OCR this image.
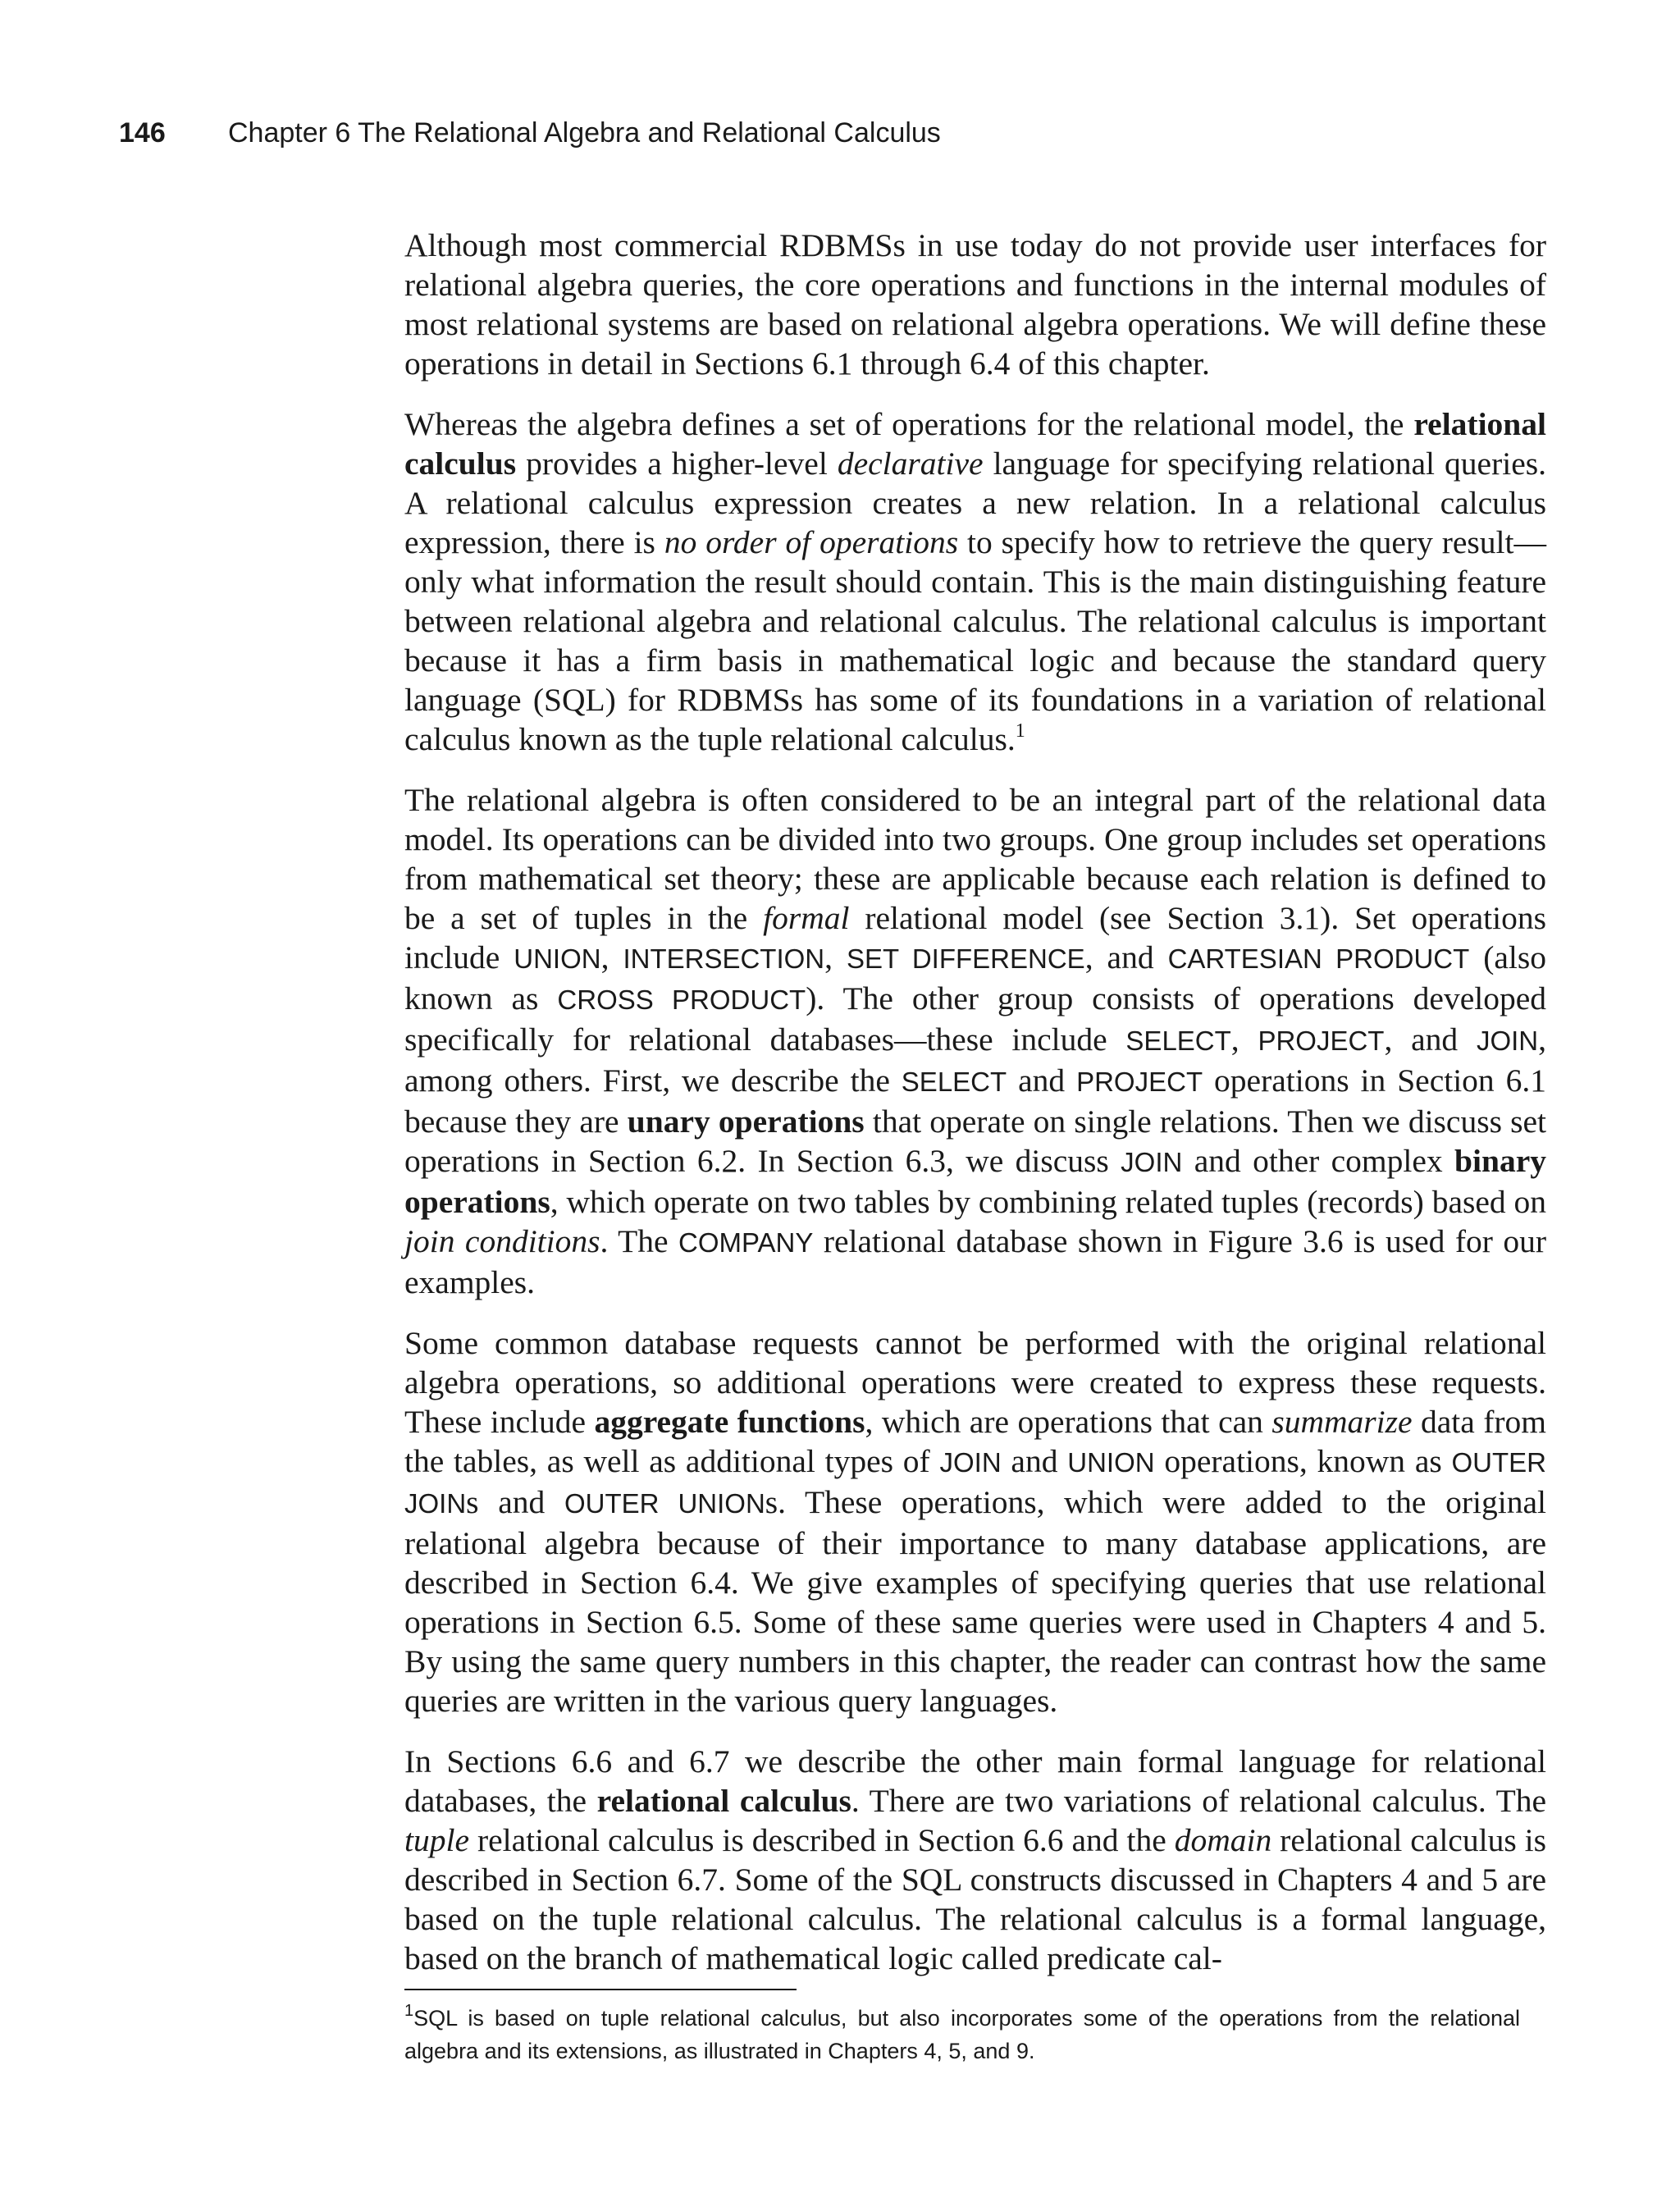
146 Chapter 6 The Relational Algebra and Relational Calculus

Although most commercial RDBMSs in use today do not provide user interfaces for relational algebra queries, the core operations and functions in the internal modules of most relational systems are based on relational algebra operations. We will define these operations in detail in Sections 6.1 through 6.4 of this chapter.

Whereas the algebra defines a set of operations for the relational model, the relational calculus provides a higher-level declarative language for specifying relational queries. A relational calculus expression creates a new relation. In a relational calculus expression, there is no order of operations to specify how to retrieve the query result—only what information the result should contain. This is the main distinguishing feature between relational algebra and relational calculus. The relational calculus is important because it has a firm basis in mathematical logic and because the standard query language (SQL) for RDBMSs has some of its foundations in a variation of relational calculus known as the tuple relational calculus.$^1$

The relational algebra is often considered to be an integral part of the relational data model. Its operations can be divided into two groups. One group includes set operations from mathematical set theory; these are applicable because each relation is defined to be a set of tuples in the formal relational model (see Section 3.1). Set operations include UNION, INTERSECTION, SET DIFFERENCE, and CARTESIAN PRODUCT (also known as CROSS PRODUCT). The other group consists of operations developed specifically for relational databases—these include SELECT, PROJECT, and JOIN, among others. First, we describe the SELECT and PROJECT operations in Section 6.1 because they are unary operations that operate on single relations. Then we discuss set operations in Section 6.2. In Section 6.3, we discuss JOIN and other complex binary operations, which operate on two tables by combining related tuples (records) based on join conditions. The COMPANY relational database shown in Figure 3.6 is used for our examples.

Some common database requests cannot be performed with the original relational algebra operations, so additional operations were created to express these requests. These include aggregate functions, which are operations that can summarize data from the tables, as well as additional types of JOIN and UNION operations, known as OUTER JOINs and OUTER UNIONs. These operations, which were added to the original relational algebra because of their importance to many database applications, are described in Section 6.4. We give examples of specifying queries that use relational operations in Section 6.5. Some of these same queries were used in Chapters 4 and 5. By using the same query numbers in this chapter, the reader can contrast how the same queries are written in the various query languages.

In Sections 6.6 and 6.7 we describe the other main formal language for relational databases, the relational calculus. There are two variations of relational calculus. The tuple relational calculus is described in Section 6.6 and the domain relational calculus is described in Section 6.7. Some of the SQL constructs discussed in Chapters 4 and 5 are based on the tuple relational calculus. The relational calculus is a formal language, based on the branch of mathematical logic called predicate cal-

$^1$SQL is based on tuple relational calculus, but also incorporates some of the operations from the relational algebra and its extensions, as illustrated in Chapters 4, 5, and 9.
